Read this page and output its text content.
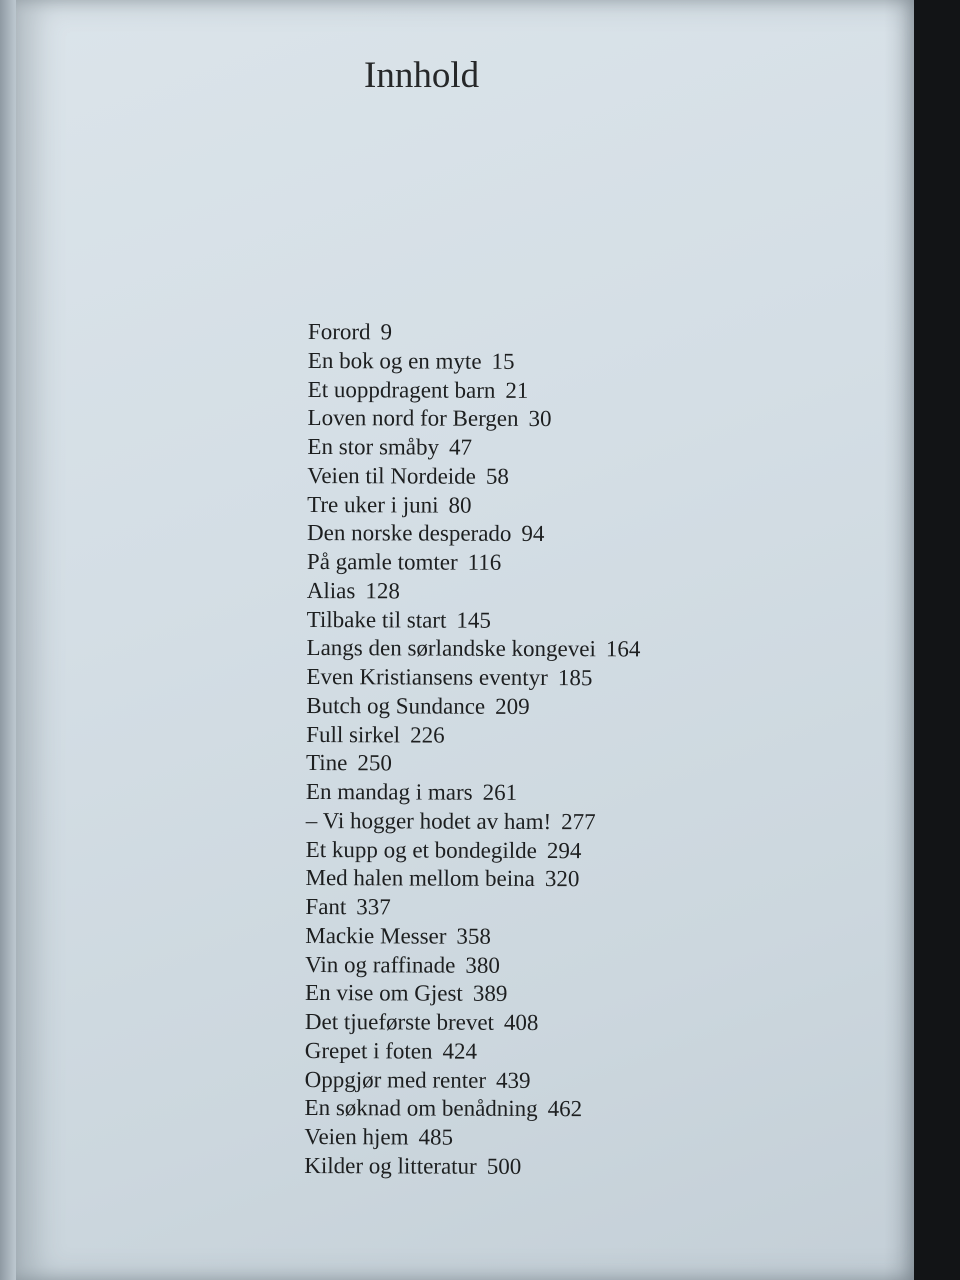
Innhold
Forord 9
En bok og en myte 15
Et uoppdragent barn 21
Loven nord for Bergen 30
En stor småby 47
Veien til Nordeide 58
Tre uker i juni 80
Den norske desperado 94
På gamle tomter 116
Alias 128
Tilbake til start 145
Langs den sørlandske kongevei 164
Even Kristiansens eventyr 185
Butch og Sundance 209
Full sirkel 226
Tine 250
En mandag i mars 261
– Vi hogger hodet av ham! 277
Et kupp og et bondegilde 294
Med halen mellom beina 320
Fant 337
Mackie Messer 358
Vin og raffinade 380
En vise om Gjest 389
Det tjueførste brevet 408
Grepet i foten 424
Oppgjør med renter 439
En søknad om benådning 462
Veien hjem 485
Kilder og litteratur 500
